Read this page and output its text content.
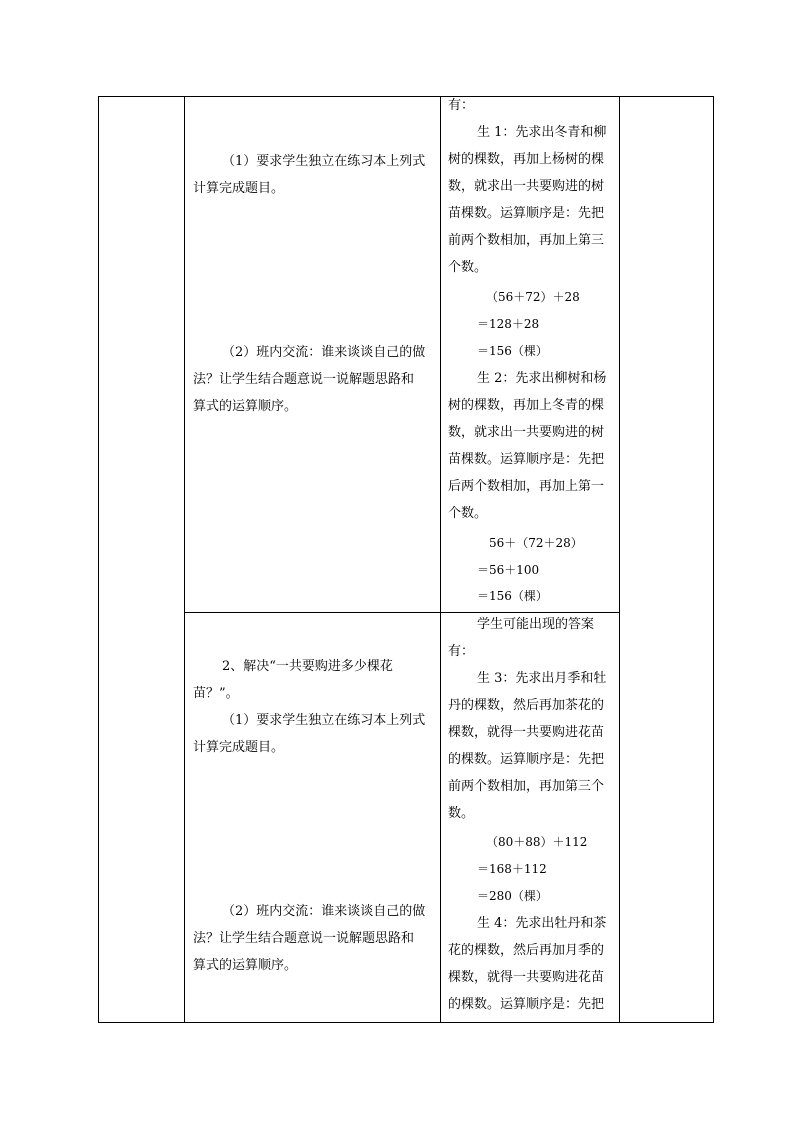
（1）要求学生独立在练习本上列式
计算完成题目。
（2）班内交流：谁来谈谈自己的做
法？让学生结合题意说一说解题思路和
算式的运算顺序。
2、解决“一共要购进多少棵花
苗？”。
（1）要求学生独立在练习本上列式
计算完成题目。
（2）班内交流：谁来谈谈自己的做
法？让学生结合题意说一说解题思路和
算式的运算顺序。
有：
生 1：先求出冬青和柳
树的棵数，再加上杨树的棵
数，就求出一共要购进的树
苗棵数。运算顺序是：先把
前两个数相加，再加上第三
个数。
（56＋72）＋28
＝128＋28
＝156（棵）
生 2：先求出柳树和杨
树的棵数，再加上冬青的棵
数，就求出一共要购进的树
苗棵数。运算顺序是：先把
后两个数相加，再加上第一
个数。
56＋（72＋28）
＝56＋100
＝156（棵）
学生可能出现的答案
有：
生 3：先求出月季和牡
丹的棵数，然后再加茶花的
棵数，就得一共要购进花苗
的棵数。运算顺序是：先把
前两个数相加，再加第三个
数。
（80＋88）＋112
＝168＋112
＝280（棵）
生 4：先求出牡丹和茶
花的棵数，然后再加月季的
棵数，就得一共要购进花苗
的棵数。运算顺序是：先把
